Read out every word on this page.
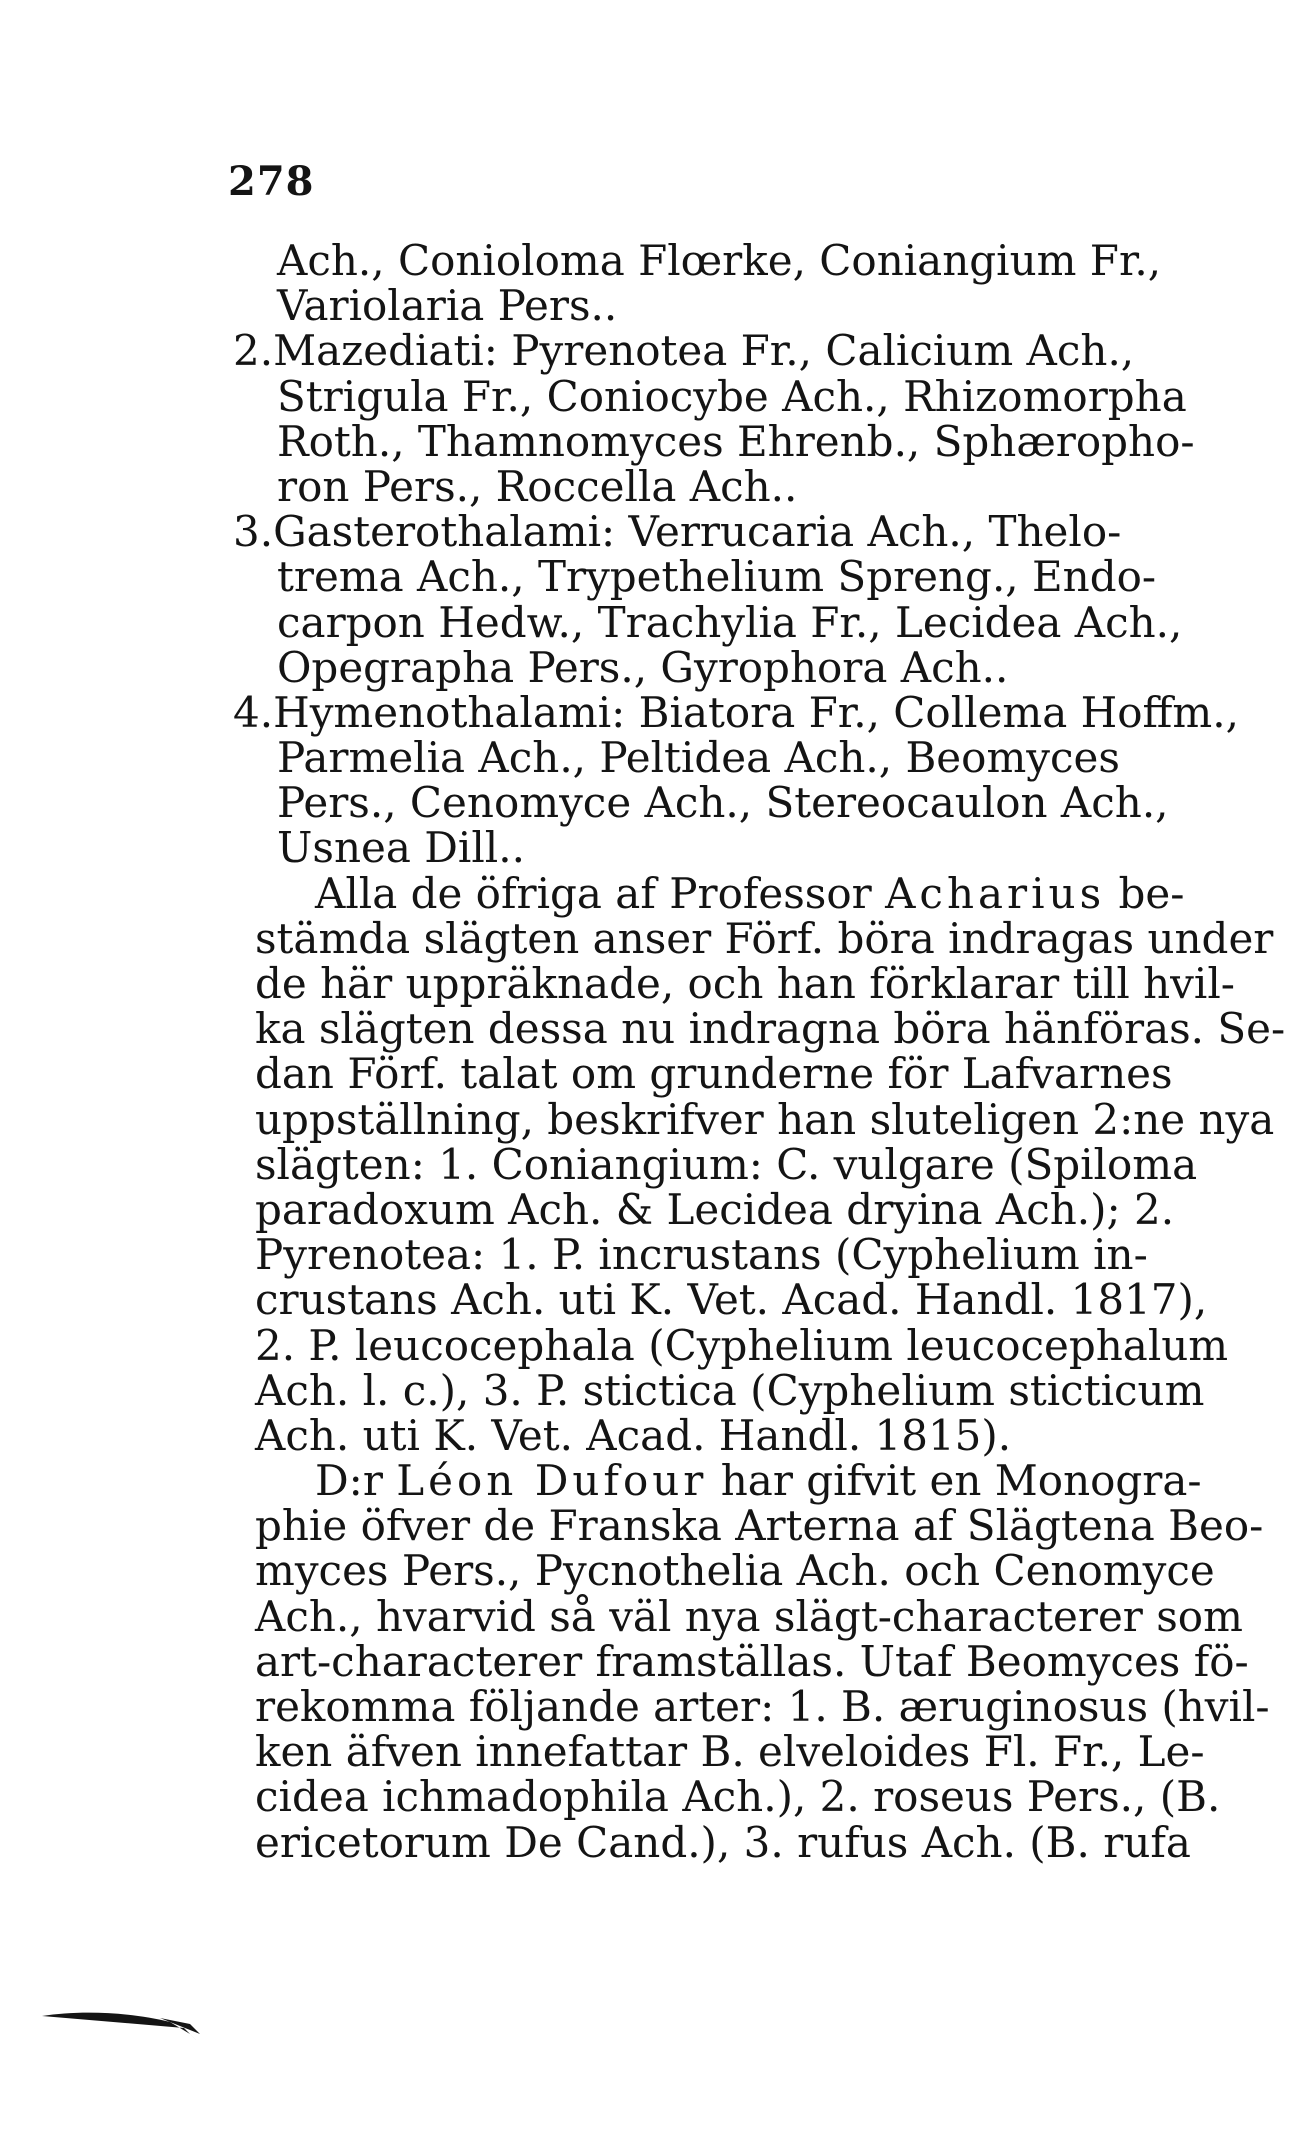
278
Ach., Conioloma Flœrke, Coniangium Fr.,
Variolaria Pers..
2.Mazediati: Pyrenotea Fr., Calicium Ach.,
Strigula Fr., Coniocybe Ach., Rhizomorpha
Roth., Thamnomyces Ehrenb., Sphæropho-
ron Pers., Roccella Ach..
3.Gasterothalami: Verrucaria Ach., Thelo-
trema Ach., Trypethelium Spreng., Endo-
carpon Hedw., Trachylia Fr., Lecidea Ach.,
Opegrapha Pers., Gyrophora Ach..
4.Hymenothalami: Biatora Fr., Collema Hoffm.,
Parmelia Ach., Peltidea Ach., Beomyces
Pers., Cenomyce Ach., Stereocaulon Ach.,
Usnea Dill..
Alla de öfriga af Professor Acharius be-
stämda slägten anser Förf. böra indragas under
de här uppräknade, och han förklarar till hvil-
ka slägten dessa nu indragna böra hänföras. Se-
dan Förf. talat om grunderne för Lafvarnes
uppställning, beskrifver han sluteligen 2:ne nya
slägten: 1. Coniangium: C. vulgare (Spiloma
paradoxum Ach. & Lecidea dryina Ach.); 2.
Pyrenotea: 1. P. incrustans (Cyphelium in-
crustans Ach. uti K. Vet. Acad. Handl. 1817),
2. P. leucocephala (Cyphelium leucocephalum
Ach. l. c.), 3. P. stictica (Cyphelium sticticum
Ach. uti K. Vet. Acad. Handl. 1815).
D:r Léon Dufour har gifvit en Monogra-
phie öfver de Franska Arterna af Slägtena Beo-
myces Pers., Pycnothelia Ach. och Cenomyce
Ach., hvarvid så väl nya slägt-characterer som
art-characterer framställas. Utaf Beomyces fö-
rekomma följande arter: 1. B. æruginosus (hvil-
ken äfven innefattar B. elveloides Fl. Fr., Le-
cidea ichmadophila Ach.), 2. roseus Pers., (B.
ericetorum De Cand.), 3. rufus Ach. (B. rufa
